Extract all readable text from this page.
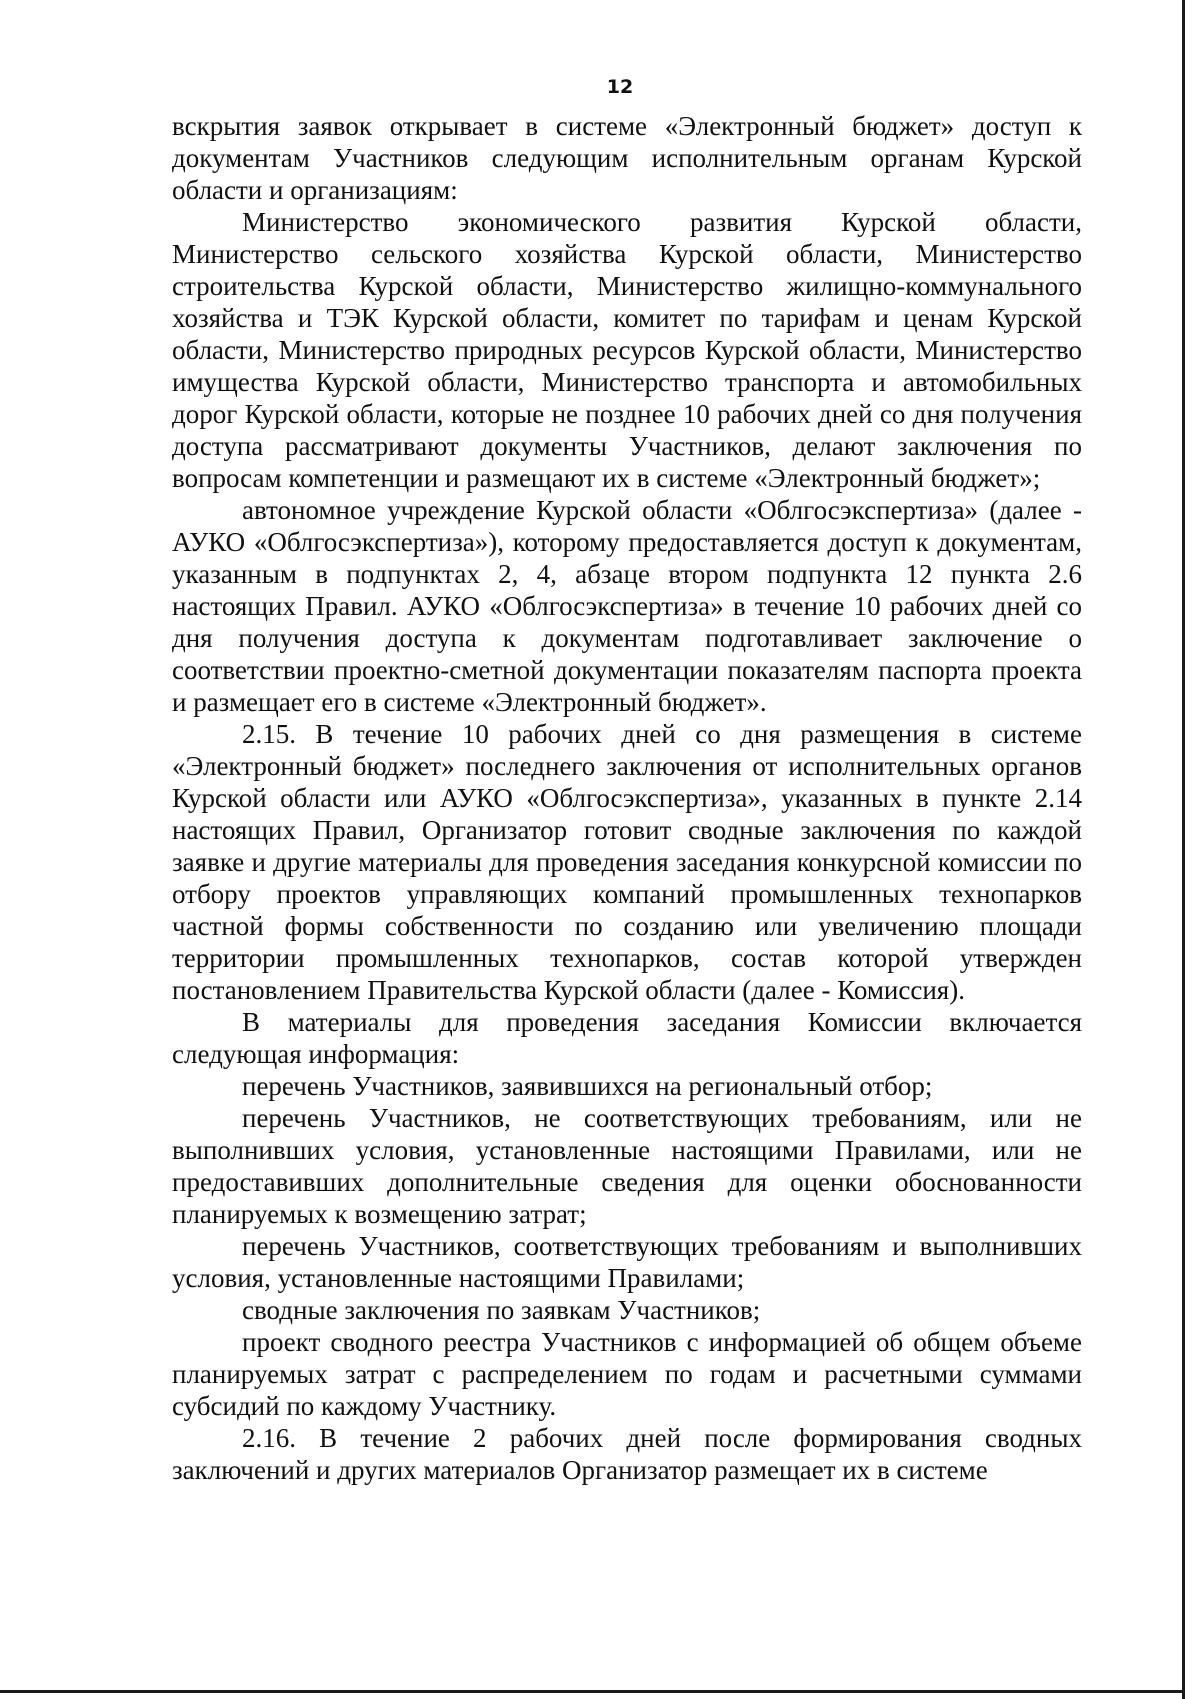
12

вскрытия заявок открывает в системе «Электронный бюджет» доступ к документам Участников следующим исполнительным органам Курской области и организациям:

Министерство экономического развития Курской области, Министерство сельского хозяйства Курской области, Министерство строительства Курской области, Министерство жилищно-коммунального хозяйства и ТЭК Курской области, комитет по тарифам и ценам Курской области, Министерство природных ресурсов Курской области, Министерство имущества Курской области, Министерство транспорта и автомобильных дорог Курской области, которые не позднее 10 рабочих дней со дня получения доступа рассматривают документы Участников, делают заключения по вопросам компетенции и размещают их в системе «Электронный бюджет»;

автономное учреждение Курской области «Облгосэкспертиза» (далее - АУКО «Облгосэкспертиза»), которому предоставляется доступ к документам, указанным в подпунктах 2, 4, абзаце втором подпункта 12 пункта 2.6 настоящих Правил. АУКО «Облгосэкспертиза» в течение 10 рабочих дней со дня получения доступа к документам подготавливает заключение о соответствии проектно-сметной документации показателям паспорта проекта и размещает его в системе «Электронный бюджет».

2.15. В течение 10 рабочих дней со дня размещения в системе «Электронный бюджет» последнего заключения от исполнительных органов Курской области или АУКО «Облгосэкспертиза», указанных в пункте 2.14 настоящих Правил, Организатор готовит сводные заключения по каждой заявке и другие материалы для проведения заседания конкурсной комиссии по отбору проектов управляющих компаний промышленных технопарков частной формы собственности по созданию или увеличению площади территории промышленных технопарков, состав которой утвержден постановлением Правительства Курской области (далее - Комиссия).

В материалы для проведения заседания Комиссии включается следующая информация:

перечень Участников, заявившихся на региональный отбор;

перечень Участников, не соответствующих требованиям, или не выполнивших условия, установленные настоящими Правилами, или не предоставивших дополнительные сведения для оценки обоснованности планируемых к возмещению затрат;

перечень Участников, соответствующих требованиям и выполнивших условия, установленные настоящими Правилами;

сводные заключения по заявкам Участников;

проект сводного реестра Участников с информацией об общем объеме планируемых затрат с распределением по годам и расчетными суммами субсидий по каждому Участнику.

2.16. В течение 2 рабочих дней после формирования сводных заключений и других материалов Организатор размещает их в системе
